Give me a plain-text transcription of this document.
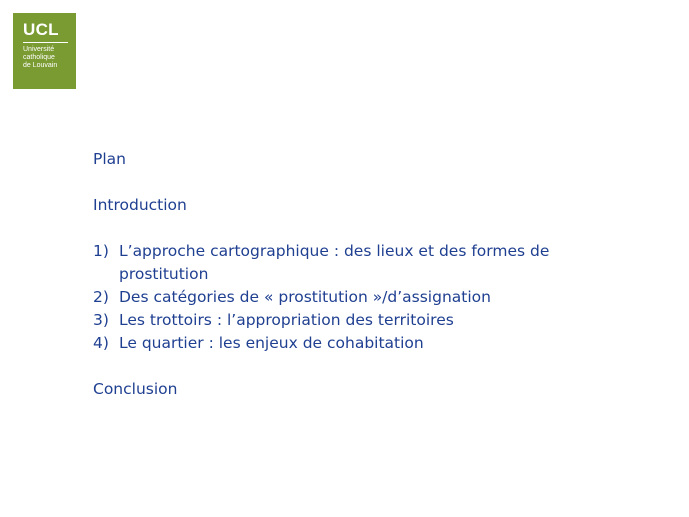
UCL
Université
catholique
de Louvain
Plan
Introduction
1) L’approche cartographique : des lieux et des formes de prostitution
2) Des catégories de « prostitution »/d’assignation
3) Les trottoirs : l’appropriation des territoires
4) Le quartier : les enjeux de cohabitation
Conclusion
